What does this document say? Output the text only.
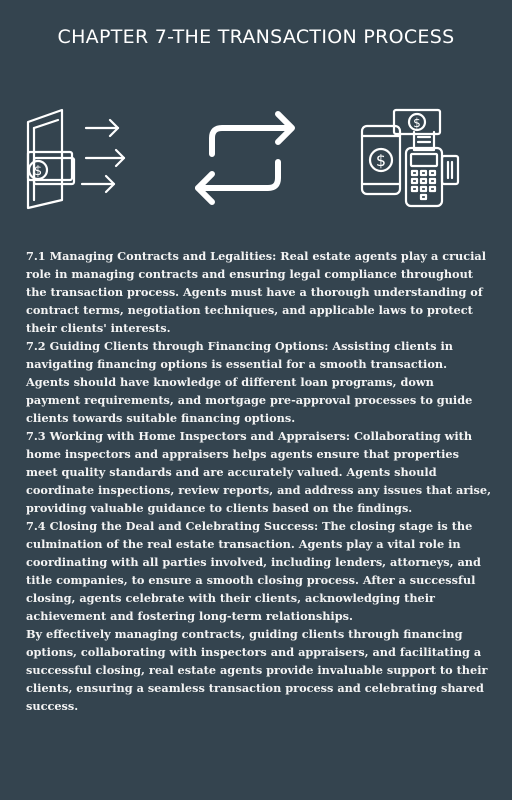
CHAPTER 7-THE TRANSACTION PROCESS
$
$
$

7.1 Managing Contracts and Legalities: Real estate agents play a crucial role in managing contracts and ensuring legal compliance throughout the transaction process. Agents must have a thorough understanding of contract terms, negotiation techniques, and applicable laws to protect their clients' interests.

7.2 Guiding Clients through Financing Options: Assisting clients in navigating financing options is essential for a smooth transaction. Agents should have knowledge of different loan programs, down payment requirements, and mortgage pre-approval processes to guide clients towards suitable financing options.

7.3 Working with Home Inspectors and Appraisers: Collaborating with home inspectors and appraisers helps agents ensure that properties meet quality standards and are accurately valued. Agents should coordinate inspections, review reports, and address any issues that arise, providing valuable guidance to clients based on the findings.

7.4 Closing the Deal and Celebrating Success: The closing stage is the culmination of the real estate transaction. Agents play a vital role in coordinating with all parties involved, including lenders, attorneys, and title companies, to ensure a smooth closing process. After a successful closing, agents celebrate with their clients, acknowledging their achievement and fostering long-term relationships.

By effectively managing contracts, guiding clients through financing options, collaborating with inspectors and appraisers, and facilitating a successful closing, real estate agents provide invaluable support to their clients, ensuring a seamless transaction process and celebrating shared success.
